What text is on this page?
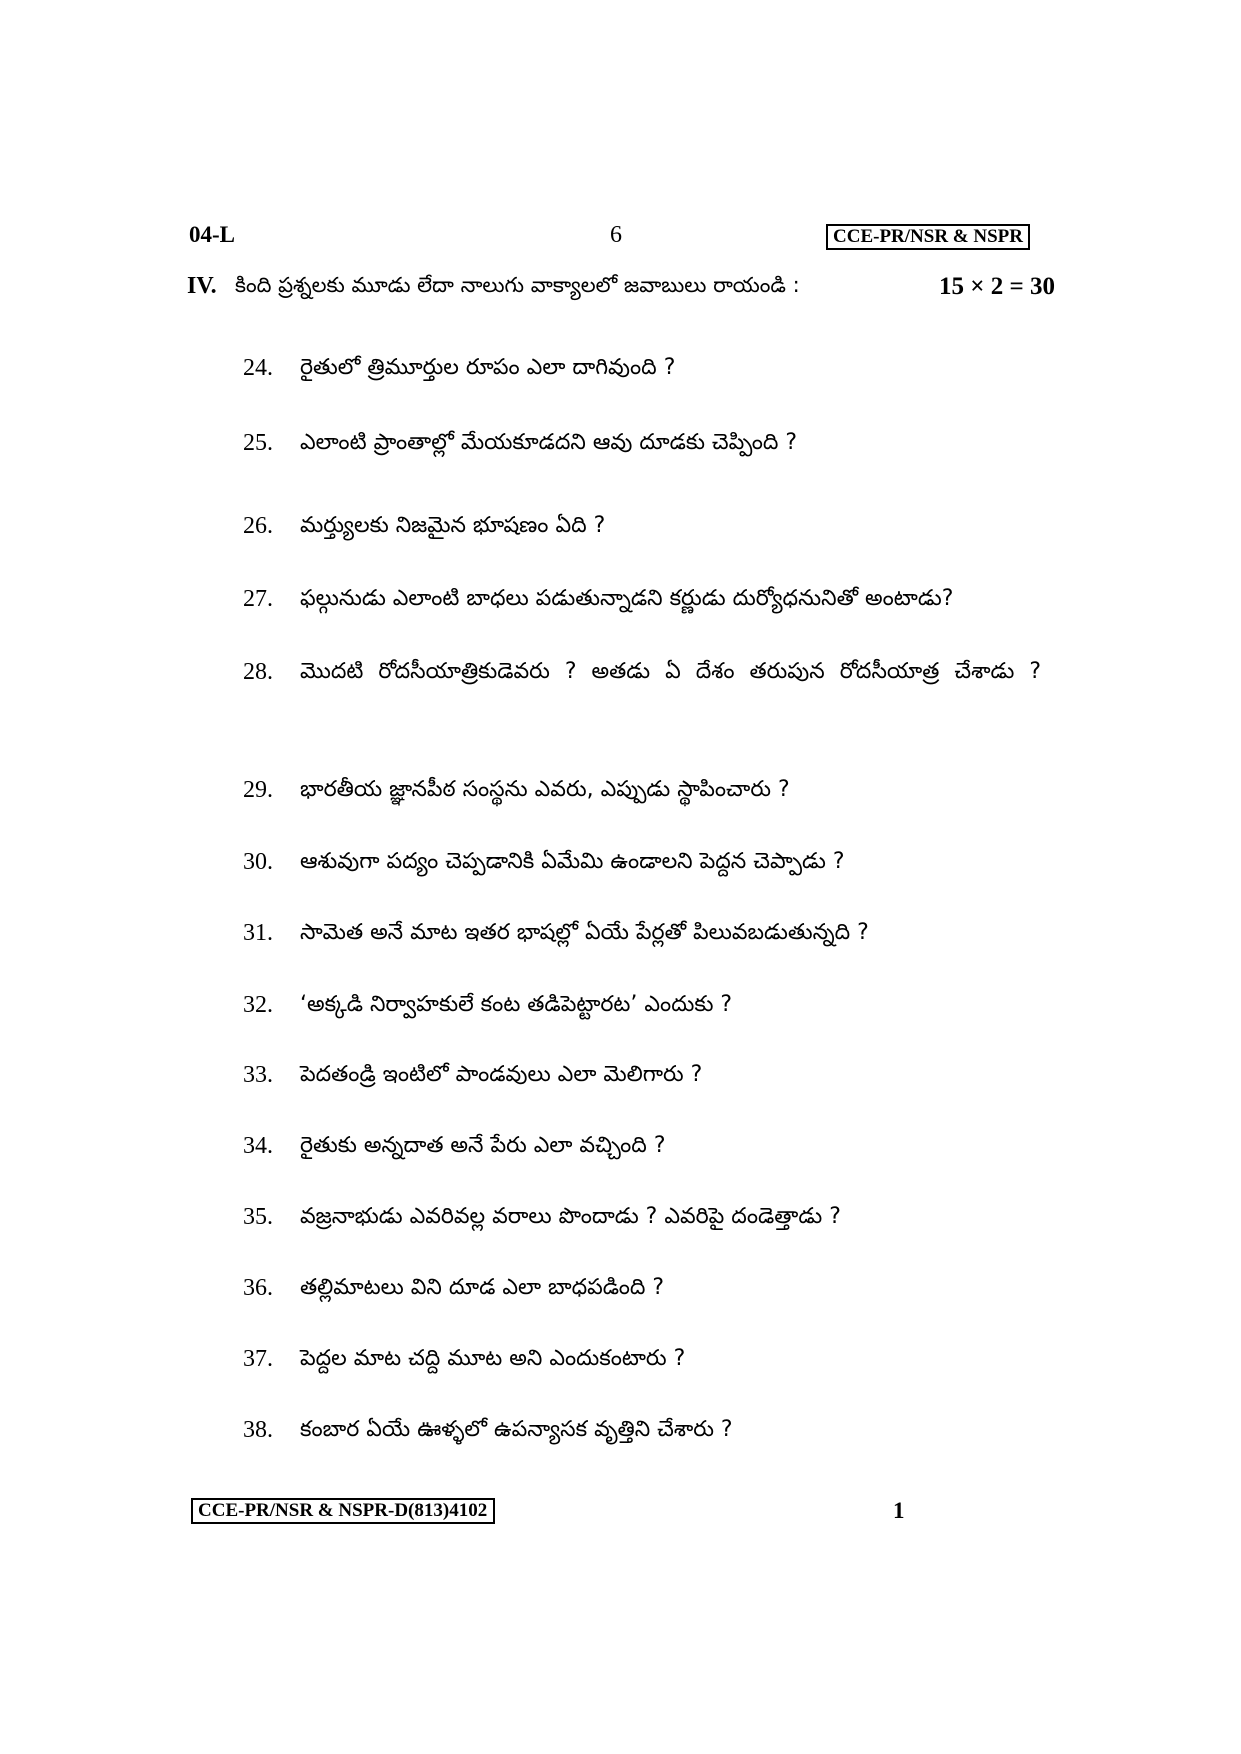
04-L	6	CCE-PR/NSR & NSPR
IV. కింది ప్రశ్నలకు మూడు లేదా నాలుగు వాక్యాలలో జవాబులు రాయండి :	15 × 2 = 30
24. రైతులో త్రిమూర్తుల రూపం ఎలా దాగివుంది ?
25. ఎలాంటి ప్రాంతాల్లో మేయకూడదని ఆవు దూడకు చెప్పింది ?
26. మర్త్యులకు నిజమైన భూషణం ఏది ?
27. ఫల్గునుడు ఎలాంటి బాధలు పడుతున్నాడని కర్ణుడు దుర్యోధనునితో అంటాడు?
28. మొదటి రోదసీయాత్రికుడెవరు ? అతడు ఏ దేశం తరుపున రోదసీయాత్ర చేశాడు ?
29. భారతీయ జ్ఞానపీఠ సంస్థను ఎవరు, ఎప్పుడు స్థాపించారు ?
30. ఆశువుగా పద్యం చెప్పడానికి ఏమేమి ఉండాలని పెద్దన చెప్పాడు ?
31. సామెత అనే మాట ఇతర భాషల్లో ఏయే పేర్లతో పిలువబడుతున్నది ?
32. ‘అక్కడి నిర్వాహకులే కంట తడిపెట్టారట’ ఎందుకు ?
33. పెదతండ్రి ఇంటిలో పాండవులు ఎలా మెలిగారు ?
34. రైతుకు అన్నదాత అనే పేరు ఎలా వచ్చింది ?
35. వజ్రనాభుడు ఎవరివల్ల వరాలు పొందాడు ? ఎవరిపై దండెత్తాడు ?
36. తల్లిమాటలు విని దూడ ఎలా బాధపడింది ?
37. పెద్దల మాట చద్ది మూట అని ఎందుకంటారు ?
38. కంబార ఏయే ఊళ్ళలో ఉపన్యాసక వృత్తిని చేశారు ?
CCE-PR/NSR & NSPR-D(813)4102	1
